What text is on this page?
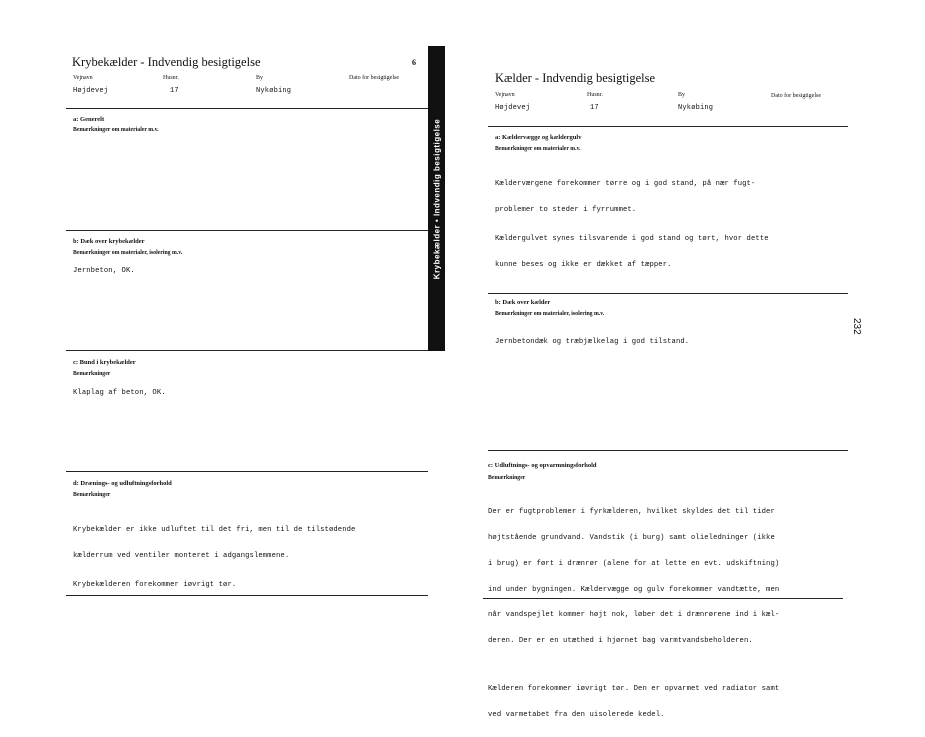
Krybekælder - Indvendig besigtigelse	6
Vejnavn	Husnr.	By	Dato for besigtigelse
Højdevej	17	Nykøbing
a: Generelt
Bemærkninger om materialer m.v.
b: Dæk over krybekælder
Bemærkninger om materialer, isolering m.v.
Jernbeton, OK.
c: Bund i krybekælder
Bemærkninger
Klaplag af beton, OK.
d: Drænings- og udluftningsforhold
Bemærkninger

Krybekælder er ikke udluftet til det fri, men til de tilstødende

kælderrum ved ventiler monteret i adgangslemmene.

Krybekælderen forekommer iøvrigt tør.

Krybekælder • Indvendig besigtigelse
Kælder - Indvendig besigtigelse
Vejnavn	Husnr.	By	Dato for besigtigelse
Højdevej	17	Nykøbing
a: Kældervægge og kældergulv
Bemærkninger om materialer m.v.

Kælderværgene forekommer tørre og i god stand, på nær fugt-

problemer to steder i fyrrummet.

Kældergulvet synes tilsvarende i god stand og tørt, hvor dette

kunne beses og ikke er dækket af tæpper.

b: Dæk over kælder
Bemærkninger om materialer, isolering m.v.
Jernbetondæk og træbjælkelag i god tilstand.
c: Udluftnings- og opvarmningsforhold
Bemærkninger

Der er fugtproblemer i fyrkælderen, hvilket skyldes det til tider

højtstående grundvand. Vandstik (i burg) samt olieledninger (ikke

i brug) er ført i drænrør (alene for at lette en evt. udskiftning)

ind under bygningen. Kældervægge og gulv forekommer vandtætte, men

når vandspejlet kommer højt nok, løber det i drænrørene ind i kæl-

deren. Der er en utæthed i hjørnet bag varmtvandsbeholderen.

Kælderen forekommer iøvrigt tør. Den er opvarmet ved radiator samt

ved varmetabet fra den uisolerede kedel.

232
